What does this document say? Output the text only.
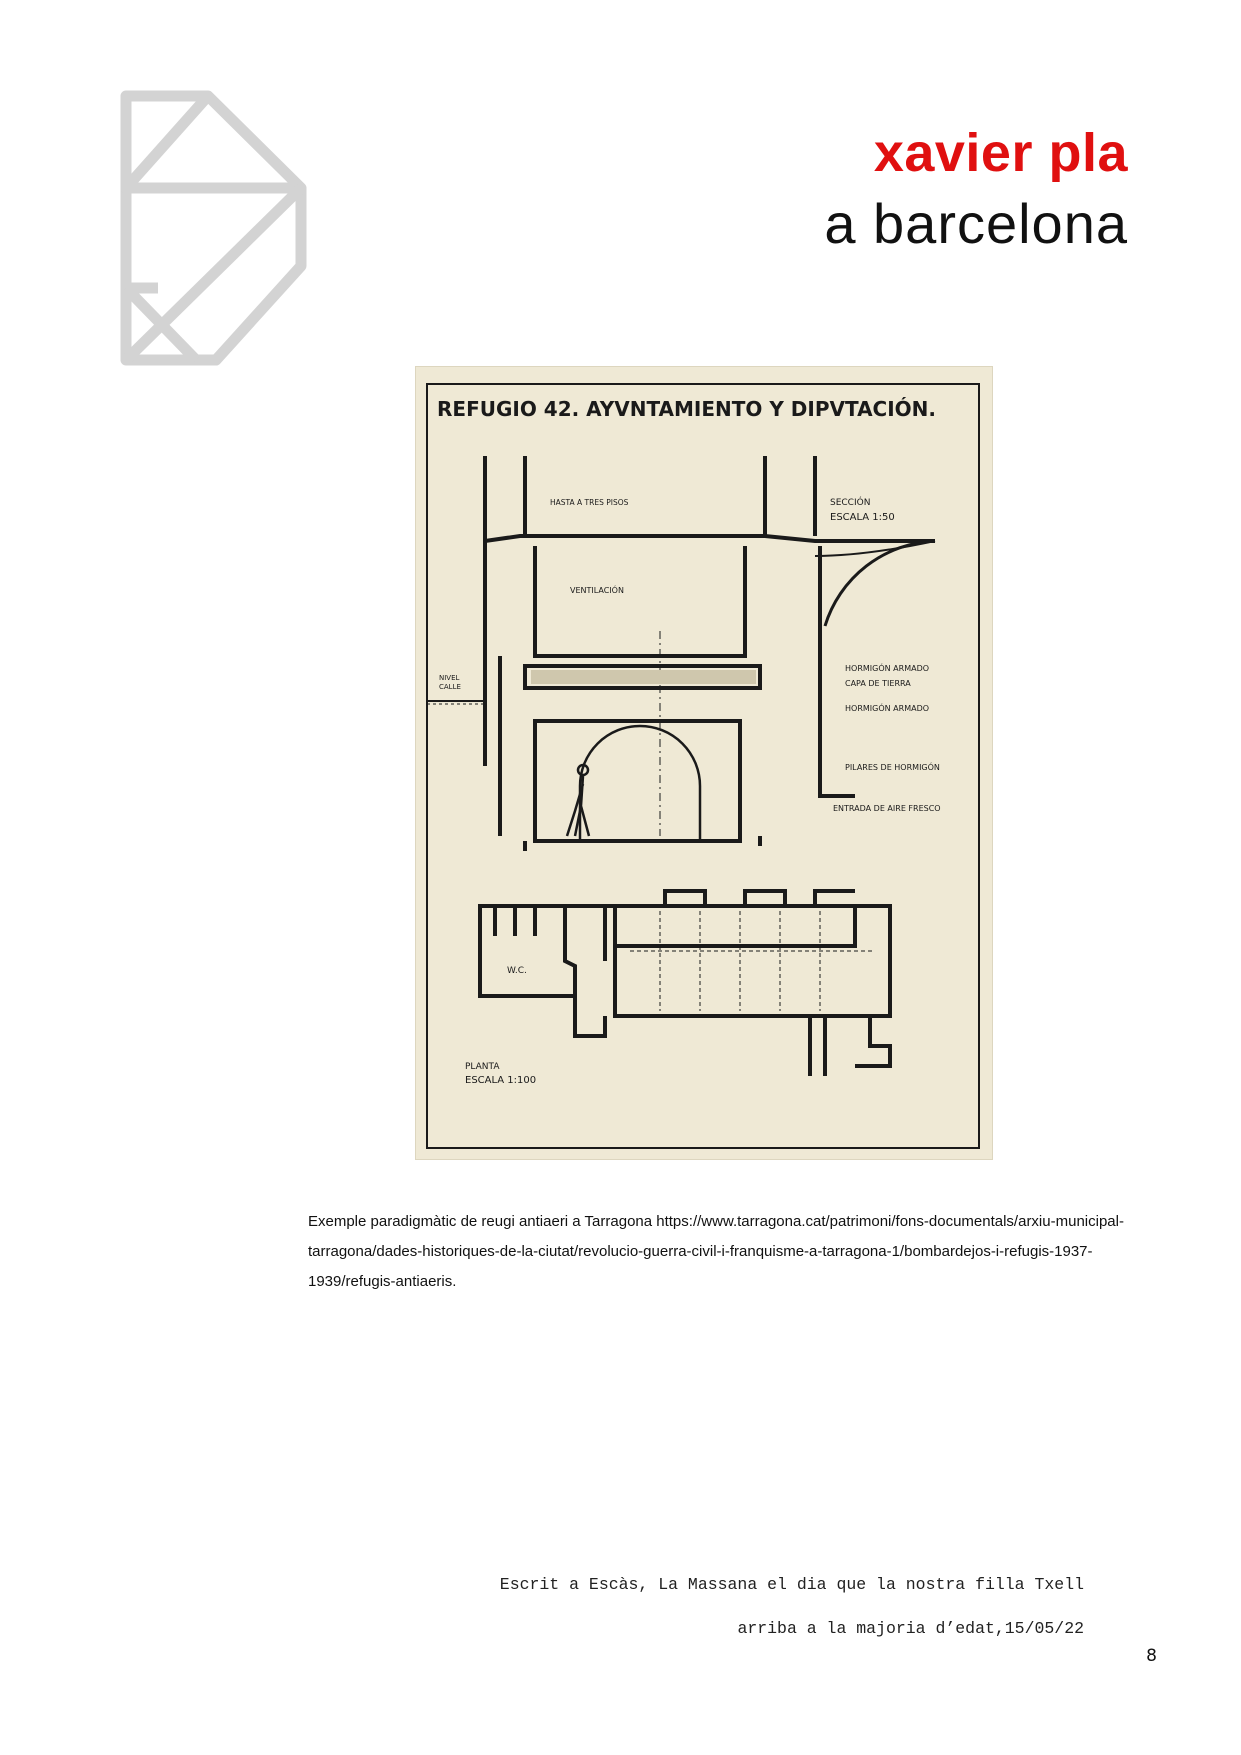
xavier pla
a barcelona
REFUGIO 42. AYVNTAMIENTO Y DIPVTACIÓN.
HASTA A TRES PISOS	SECCIÓN
ESCALA 1:50
VENTILACIÓN
NIVEL
CALLE
HORMIGÓN ARMADO
CAPA DE TIERRA
HORMIGÓN ARMADO
PILARES DE HORMIGÓN
ENTRADA DE AIRE FRESCO
W.C.
PLANTA
ESCALA 1:100
Exemple paradigmàtic de reugi antiaeri a Tarragona https://www.tarragona.cat/patrimoni/fons-documentals/arxiu-municipal-tarragona/dades-historiques-de-la-ciutat/revolucio-guerra-civil-i-franquisme-a-tarragona-1/bombardejos-i-refugis-1937-1939/refugis-antiaeris.
Escrit a Escàs, La Massana el dia que la nostra filla Txell
arriba a la majoria d’edat,15/05/22
8
